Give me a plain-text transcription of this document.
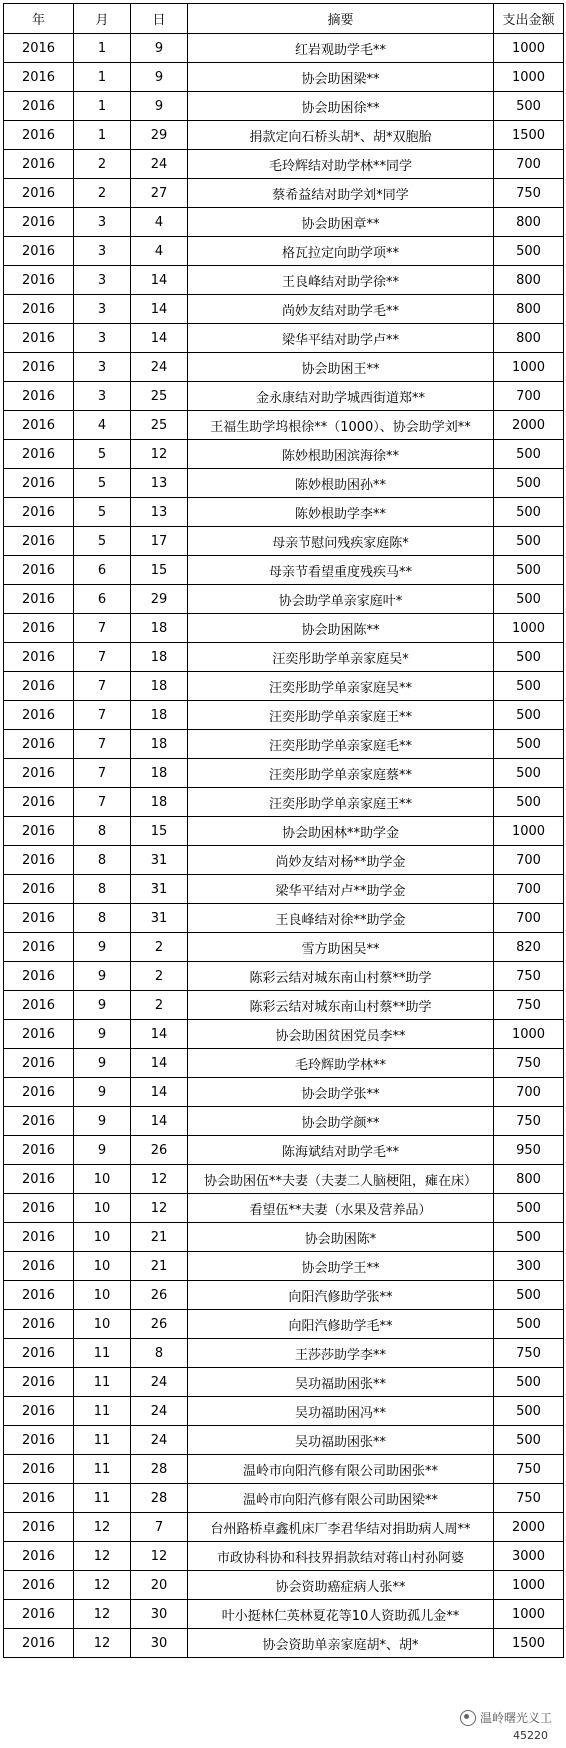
年	月	日	摘要	支出金额
2016	1	9	红岩观助学毛**	1000
2016	1	9	协会助困梁**	1000
2016	1	9	协会助困徐**	500
2016	1	29	捐款定向石桥头胡*、胡*双胞胎	1500
2016	2	24	毛玲辉结对助学林**同学	700
2016	2	27	蔡希益结对助学刘*同学	750
2016	3	4	协会助困章**	800
2016	3	4	格瓦拉定向助学项**	500
2016	3	14	王良峰结对助学徐**	800
2016	3	14	尚妙友结对助学毛**	800
2016	3	14	梁华平结对助学卢**	800
2016	3	24	协会助困王**	1000
2016	3	25	金永康结对助学城西街道郑**	700
2016	4	25	王福生助学坞根徐**（1000）、协会助学刘**	2000
2016	5	12	陈妙根助困滨海徐**	500
2016	5	13	陈妙根助困孙**	500
2016	5	13	陈妙根助学李**	500
2016	5	17	母亲节慰问残疾家庭陈*	500
2016	6	15	母亲节看望重度残疾马**	500
2016	6	29	协会助学单亲家庭叶*	500
2016	7	18	协会助困陈**	1000
2016	7	18	汪奕彤助学单亲家庭吴*	500
2016	7	18	汪奕彤助学单亲家庭吴**	500
2016	7	18	汪奕彤助学单亲家庭王**	500
2016	7	18	汪奕彤助学单亲家庭毛**	500
2016	7	18	汪奕彤助学单亲家庭蔡**	500
2016	7	18	汪奕彤助学单亲家庭王**	500
2016	8	15	协会助困林**助学金	1000
2016	8	31	尚妙友结对杨**助学金	700
2016	8	31	梁华平结对卢**助学金	700
2016	8	31	王良峰结对徐**助学金	700
2016	9	2	雪方助困吴**	820
2016	9	2	陈彩云结对城东南山村蔡**助学	750
2016	9	2	陈彩云结对城东南山村蔡**助学	750
2016	9	14	协会助困贫困党员李**	1000
2016	9	14	毛玲辉助学林**	750
2016	9	14	协会助学张**	700
2016	9	14	协会助学颜**	750
2016	9	26	陈海斌结对助学毛**	950
2016	10	12	协会助困伍**夫妻（夫妻二人脑梗阻，瘫在床）	800
2016	10	12	看望伍**夫妻（水果及营养品）	500
2016	10	21	协会助困陈*	500
2016	10	21	协会助学王**	300
2016	10	26	向阳汽修助学张**	500
2016	10	26	向阳汽修助学毛**	500
2016	11	8	王莎莎助学李**	750
2016	11	24	吴功福助困张**	500
2016	11	24	吴功福助困冯**	500
2016	11	24	吴功福助困张**	500
2016	11	28	温岭市向阳汽修有限公司助困张**	750
2016	11	28	温岭市向阳汽修有限公司助困梁**	750
2016	12	7	台州路桥卓鑫机床厂李君华结对捐助病人周**	2000
2016	12	12	市政协科协和科技界捐款结对蒋山村孙阿婆	3000
2016	12	20	协会资助癌症病人张**	1000
2016	12	30	叶小挺林仁英林夏花等10人资助孤儿金**	1000
2016	12	30	协会资助单亲家庭胡*、胡*	1500
温岭曙光义工
45220
